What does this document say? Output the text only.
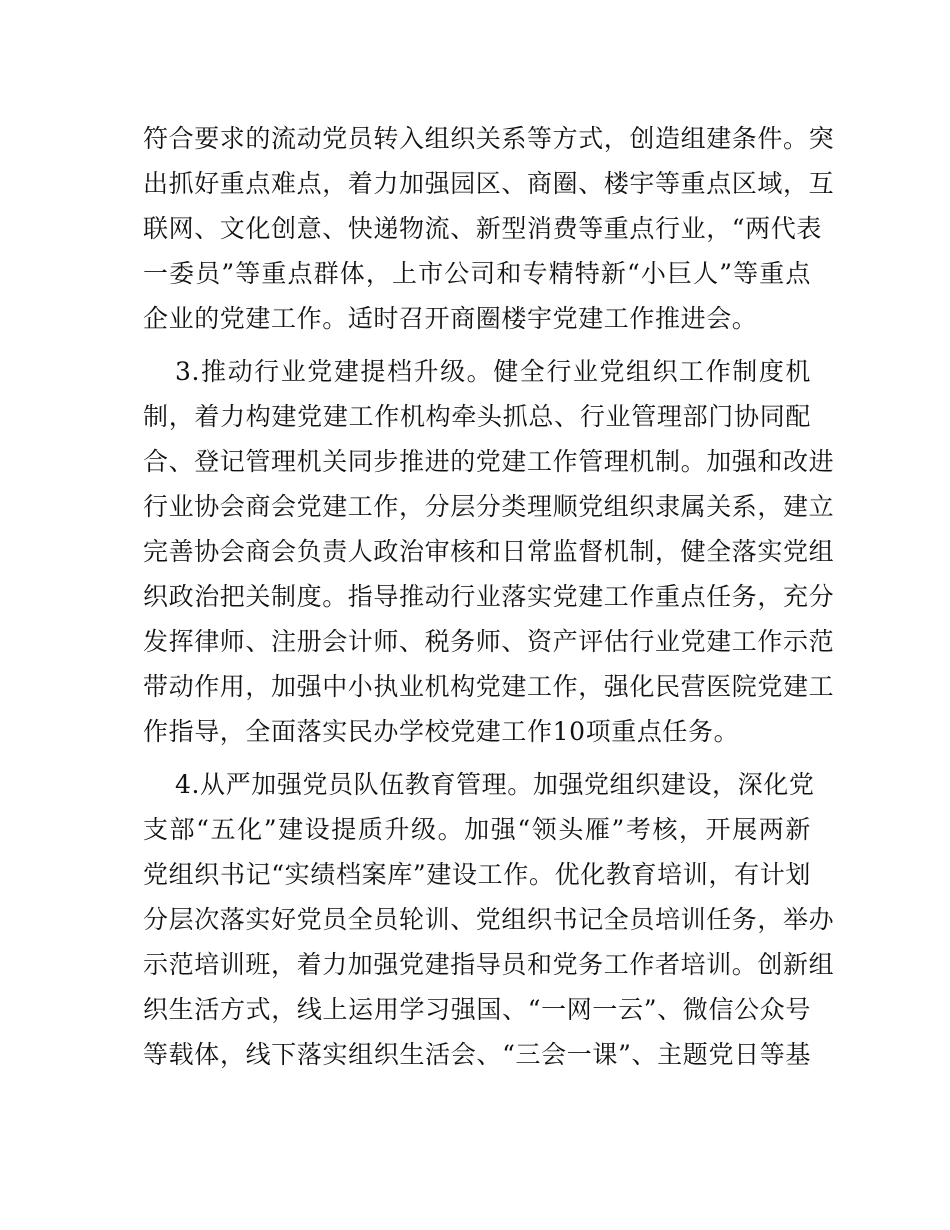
符合要求的流动党员转入组织关系等方式，创造组建条件。突
出抓好重点难点，着力加强园区、商圈、楼宇等重点区域，互
联网、文化创意、快递物流、新型消费等重点行业，“两代表
一委员”等重点群体，上市公司和专精特新“小巨人”等重点
企业的党建工作。适时召开商圈楼宇党建工作推进会。
3.推动行业党建提档升级。健全行业党组织工作制度机
制，着力构建党建工作机构牵头抓总、行业管理部门协同配
合、登记管理机关同步推进的党建工作管理机制。加强和改进
行业协会商会党建工作，分层分类理顺党组织隶属关系，建立
完善协会商会负责人政治审核和日常监督机制，健全落实党组
织政治把关制度。指导推动行业落实党建工作重点任务，充分
发挥律师、注册会计师、税务师、资产评估行业党建工作示范
带动作用，加强中小执业机构党建工作，强化民营医院党建工
作指导，全面落实民办学校党建工作10项重点任务。
4.从严加强党员队伍教育管理。加强党组织建设，深化党
支部“五化”建设提质升级。加强“领头雁”考核，开展两新
党组织书记“实绩档案库”建设工作。优化教育培训，有计划
分层次落实好党员全员轮训、党组织书记全员培训任务，举办
示范培训班，着力加强党建指导员和党务工作者培训。创新组
织生活方式，线上运用学习强国、“一网一云”、微信公众号
等载体，线下落实组织生活会、“三会一课”、主题党日等基
